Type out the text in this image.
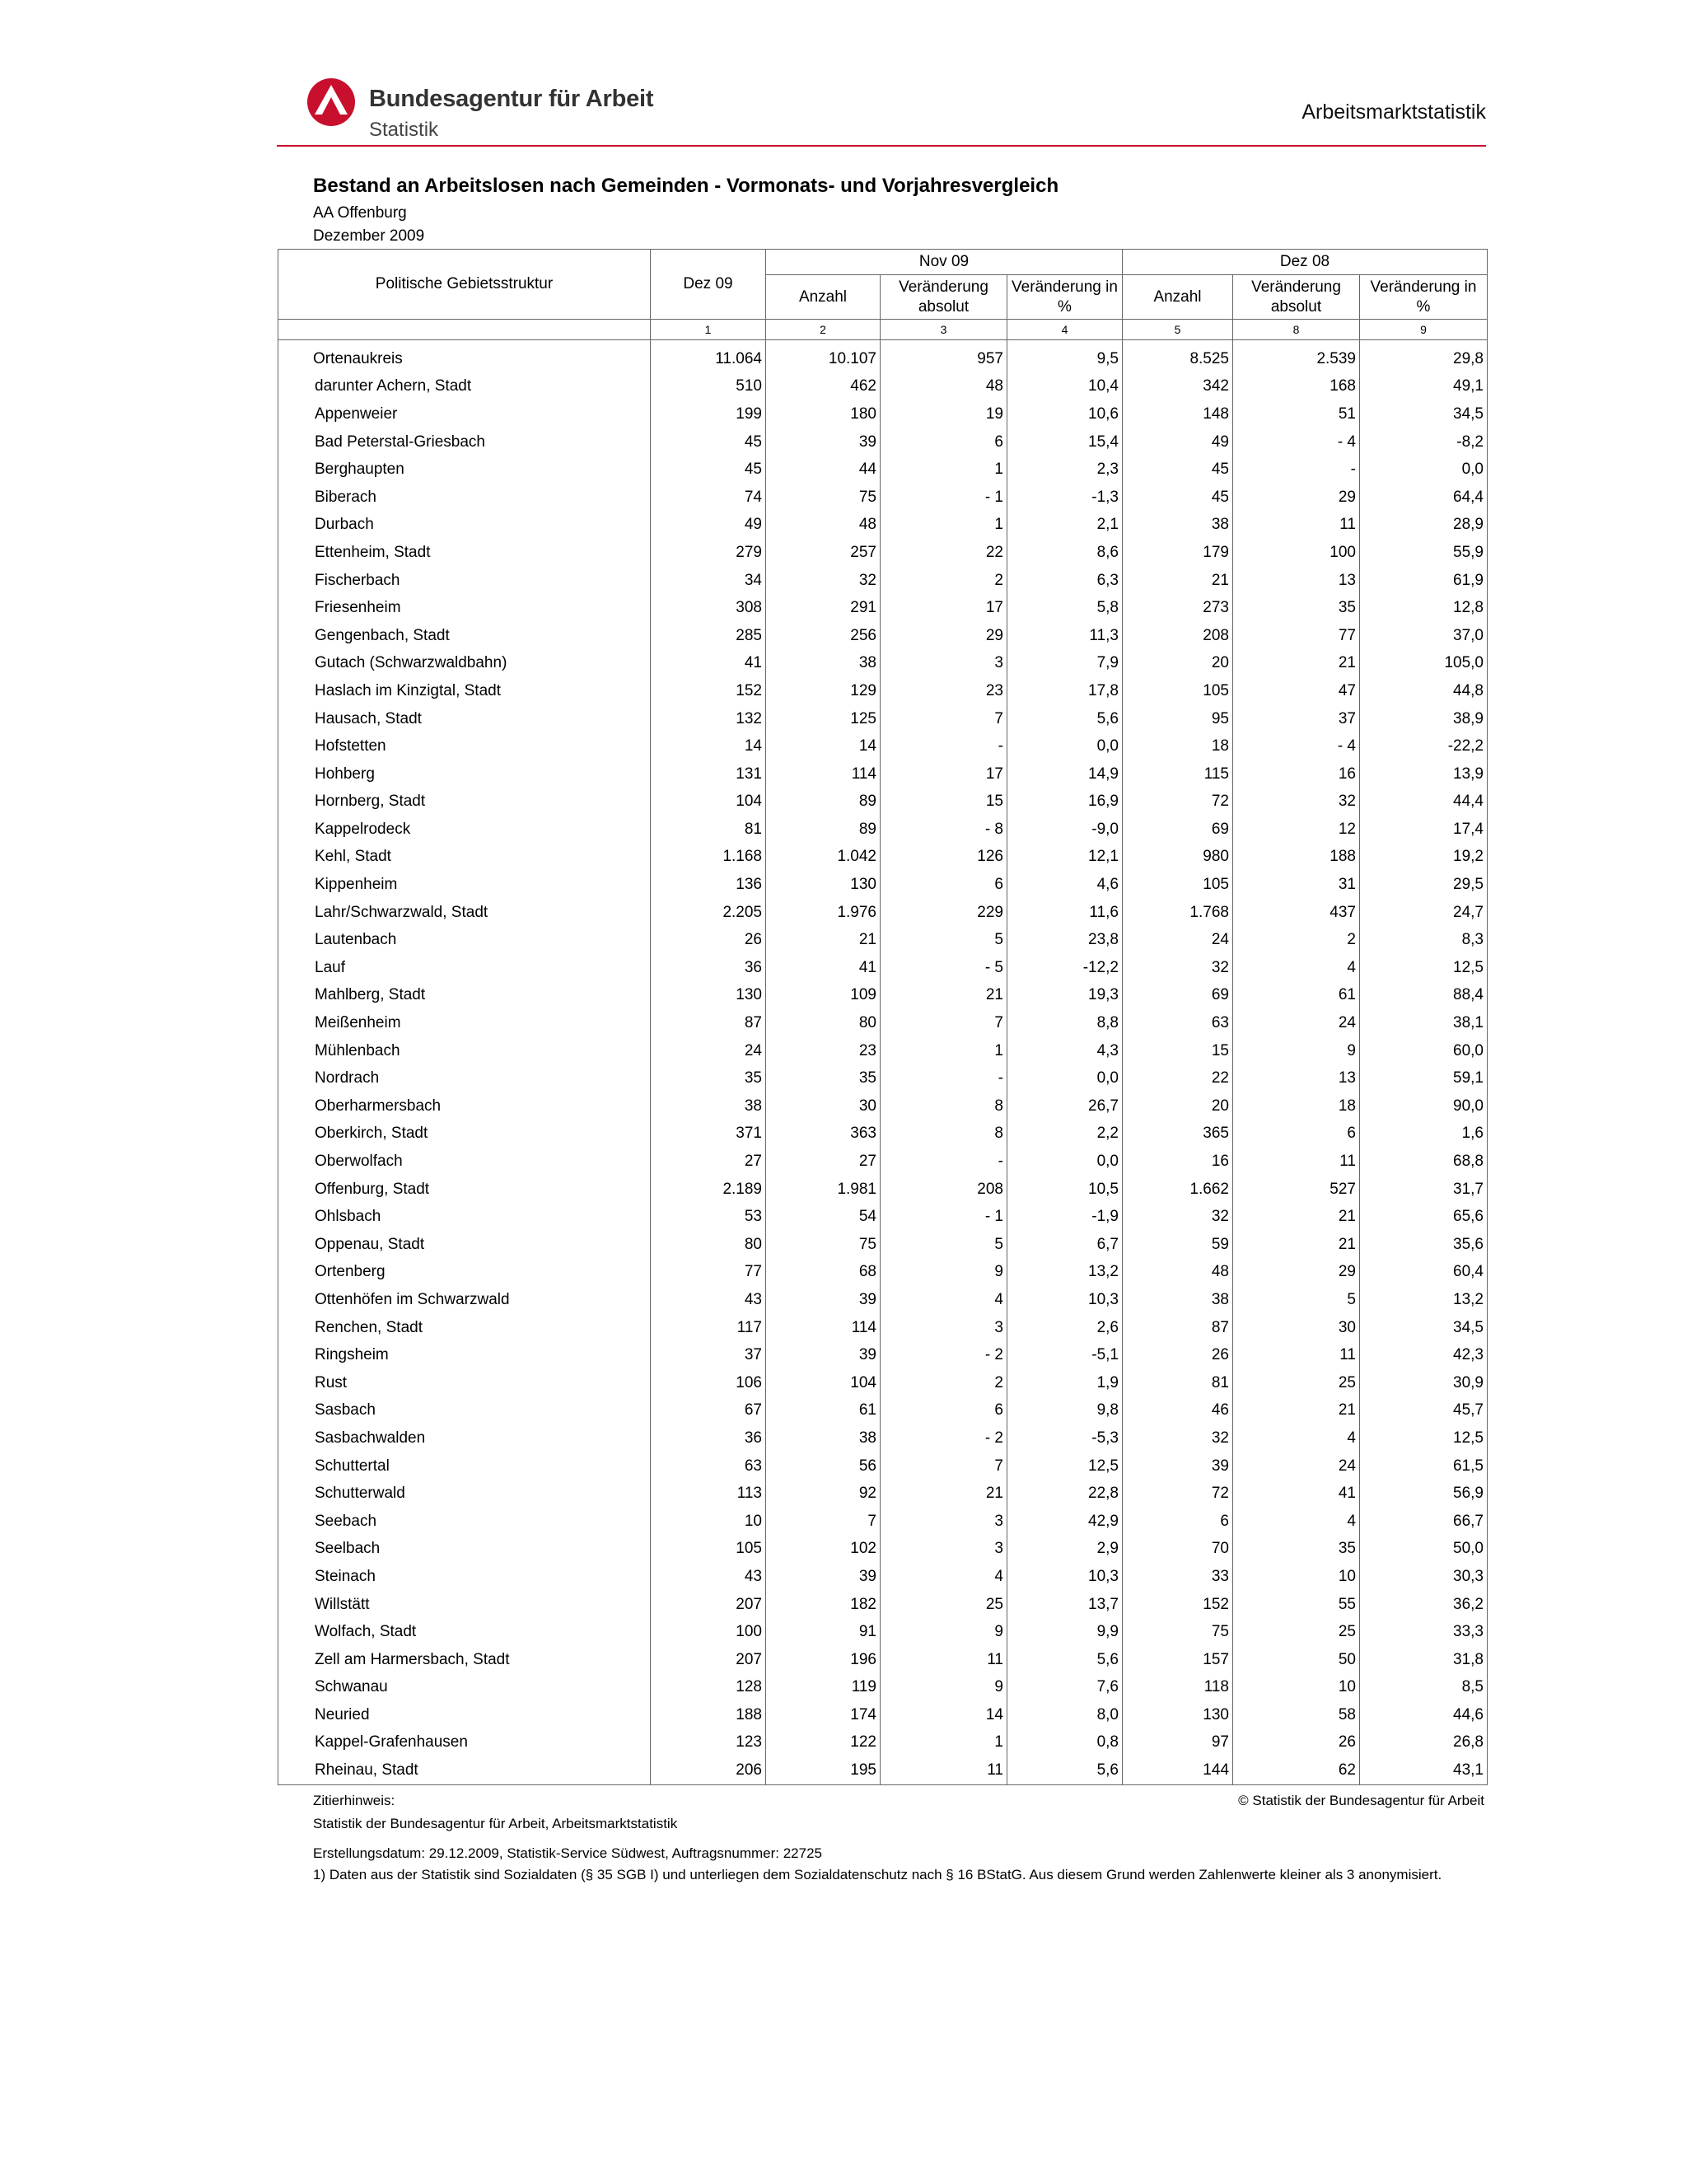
Bundesagentur für Arbeit
Statistik
Arbeitsmarktstatistik
Bestand an Arbeitslosen nach Gemeinden - Vormonats- und Vorjahresvergleich
AA Offenburg
Dezember 2009
Politische Gebietsstruktur	Dez 09	Nov 09			Dez 08		
		Anzahl	Veränderung absolut	Veränderung in %	Anzahl	Veränderung absolut	Veränderung in %
	1	2	3	4	5	8	9
Ortenaukreis	11.064	10.107	957	9,5	8.525	2.539	29,8
darunter Achern, Stadt	510	462	48	10,4	342	168	49,1
Appenweier	199	180	19	10,6	148	51	34,5
Bad Peterstal-Griesbach	45	39	6	15,4	49	- 4	-8,2
Berghaupten	45	44	1	2,3	45	-	0,0
Biberach	74	75	- 1	-1,3	45	29	64,4
Durbach	49	48	1	2,1	38	11	28,9
Ettenheim, Stadt	279	257	22	8,6	179	100	55,9
Fischerbach	34	32	2	6,3	21	13	61,9
Friesenheim	308	291	17	5,8	273	35	12,8
Gengenbach, Stadt	285	256	29	11,3	208	77	37,0
Gutach (Schwarzwaldbahn)	41	38	3	7,9	20	21	105,0
Haslach im Kinzigtal, Stadt	152	129	23	17,8	105	47	44,8
Hausach, Stadt	132	125	7	5,6	95	37	38,9
Hofstetten	14	14	-	0,0	18	- 4	-22,2
Hohberg	131	114	17	14,9	115	16	13,9
Hornberg, Stadt	104	89	15	16,9	72	32	44,4
Kappelrodeck	81	89	- 8	-9,0	69	12	17,4
Kehl, Stadt	1.168	1.042	126	12,1	980	188	19,2
Kippenheim	136	130	6	4,6	105	31	29,5
Lahr/Schwarzwald, Stadt	2.205	1.976	229	11,6	1.768	437	24,7
Lautenbach	26	21	5	23,8	24	2	8,3
Lauf	36	41	- 5	-12,2	32	4	12,5
Mahlberg, Stadt	130	109	21	19,3	69	61	88,4
Meißenheim	87	80	7	8,8	63	24	38,1
Mühlenbach	24	23	1	4,3	15	9	60,0
Nordrach	35	35	-	0,0	22	13	59,1
Oberharmersbach	38	30	8	26,7	20	18	90,0
Oberkirch, Stadt	371	363	8	2,2	365	6	1,6
Oberwolfach	27	27	-	0,0	16	11	68,8
Offenburg, Stadt	2.189	1.981	208	10,5	1.662	527	31,7
Ohlsbach	53	54	- 1	-1,9	32	21	65,6
Oppenau, Stadt	80	75	5	6,7	59	21	35,6
Ortenberg	77	68	9	13,2	48	29	60,4
Ottenhöfen im Schwarzwald	43	39	4	10,3	38	5	13,2
Renchen, Stadt	117	114	3	2,6	87	30	34,5
Ringsheim	37	39	- 2	-5,1	26	11	42,3
Rust	106	104	2	1,9	81	25	30,9
Sasbach	67	61	6	9,8	46	21	45,7
Sasbachwalden	36	38	- 2	-5,3	32	4	12,5
Schuttertal	63	56	7	12,5	39	24	61,5
Schutterwald	113	92	21	22,8	72	41	56,9
Seebach	10	7	3	42,9	6	4	66,7
Seelbach	105	102	3	2,9	70	35	50,0
Steinach	43	39	4	10,3	33	10	30,3
Willstätt	207	182	25	13,7	152	55	36,2
Wolfach, Stadt	100	91	9	9,9	75	25	33,3
Zell am Harmersbach, Stadt	207	196	11	5,6	157	50	31,8
Schwanau	128	119	9	7,6	118	10	8,5
Neuried	188	174	14	8,0	130	58	44,6
Kappel-Grafenhausen	123	122	1	0,8	97	26	26,8
Rheinau, Stadt	206	195	11	5,6	144	62	43,1
Zitierhinweis:	© Statistik der Bundesagentur für Arbeit
Statistik der Bundesagentur für Arbeit, Arbeitsmarktstatistik
Erstellungsdatum: 29.12.2009, Statistik-Service Südwest, Auftragsnummer: 22725
1) Daten aus der Statistik sind Sozialdaten (§ 35 SGB I) und unterliegen dem Sozialdatenschutz nach § 16 BStatG. Aus diesem Grund werden Zahlenwerte kleiner als 3 anonymisiert.
